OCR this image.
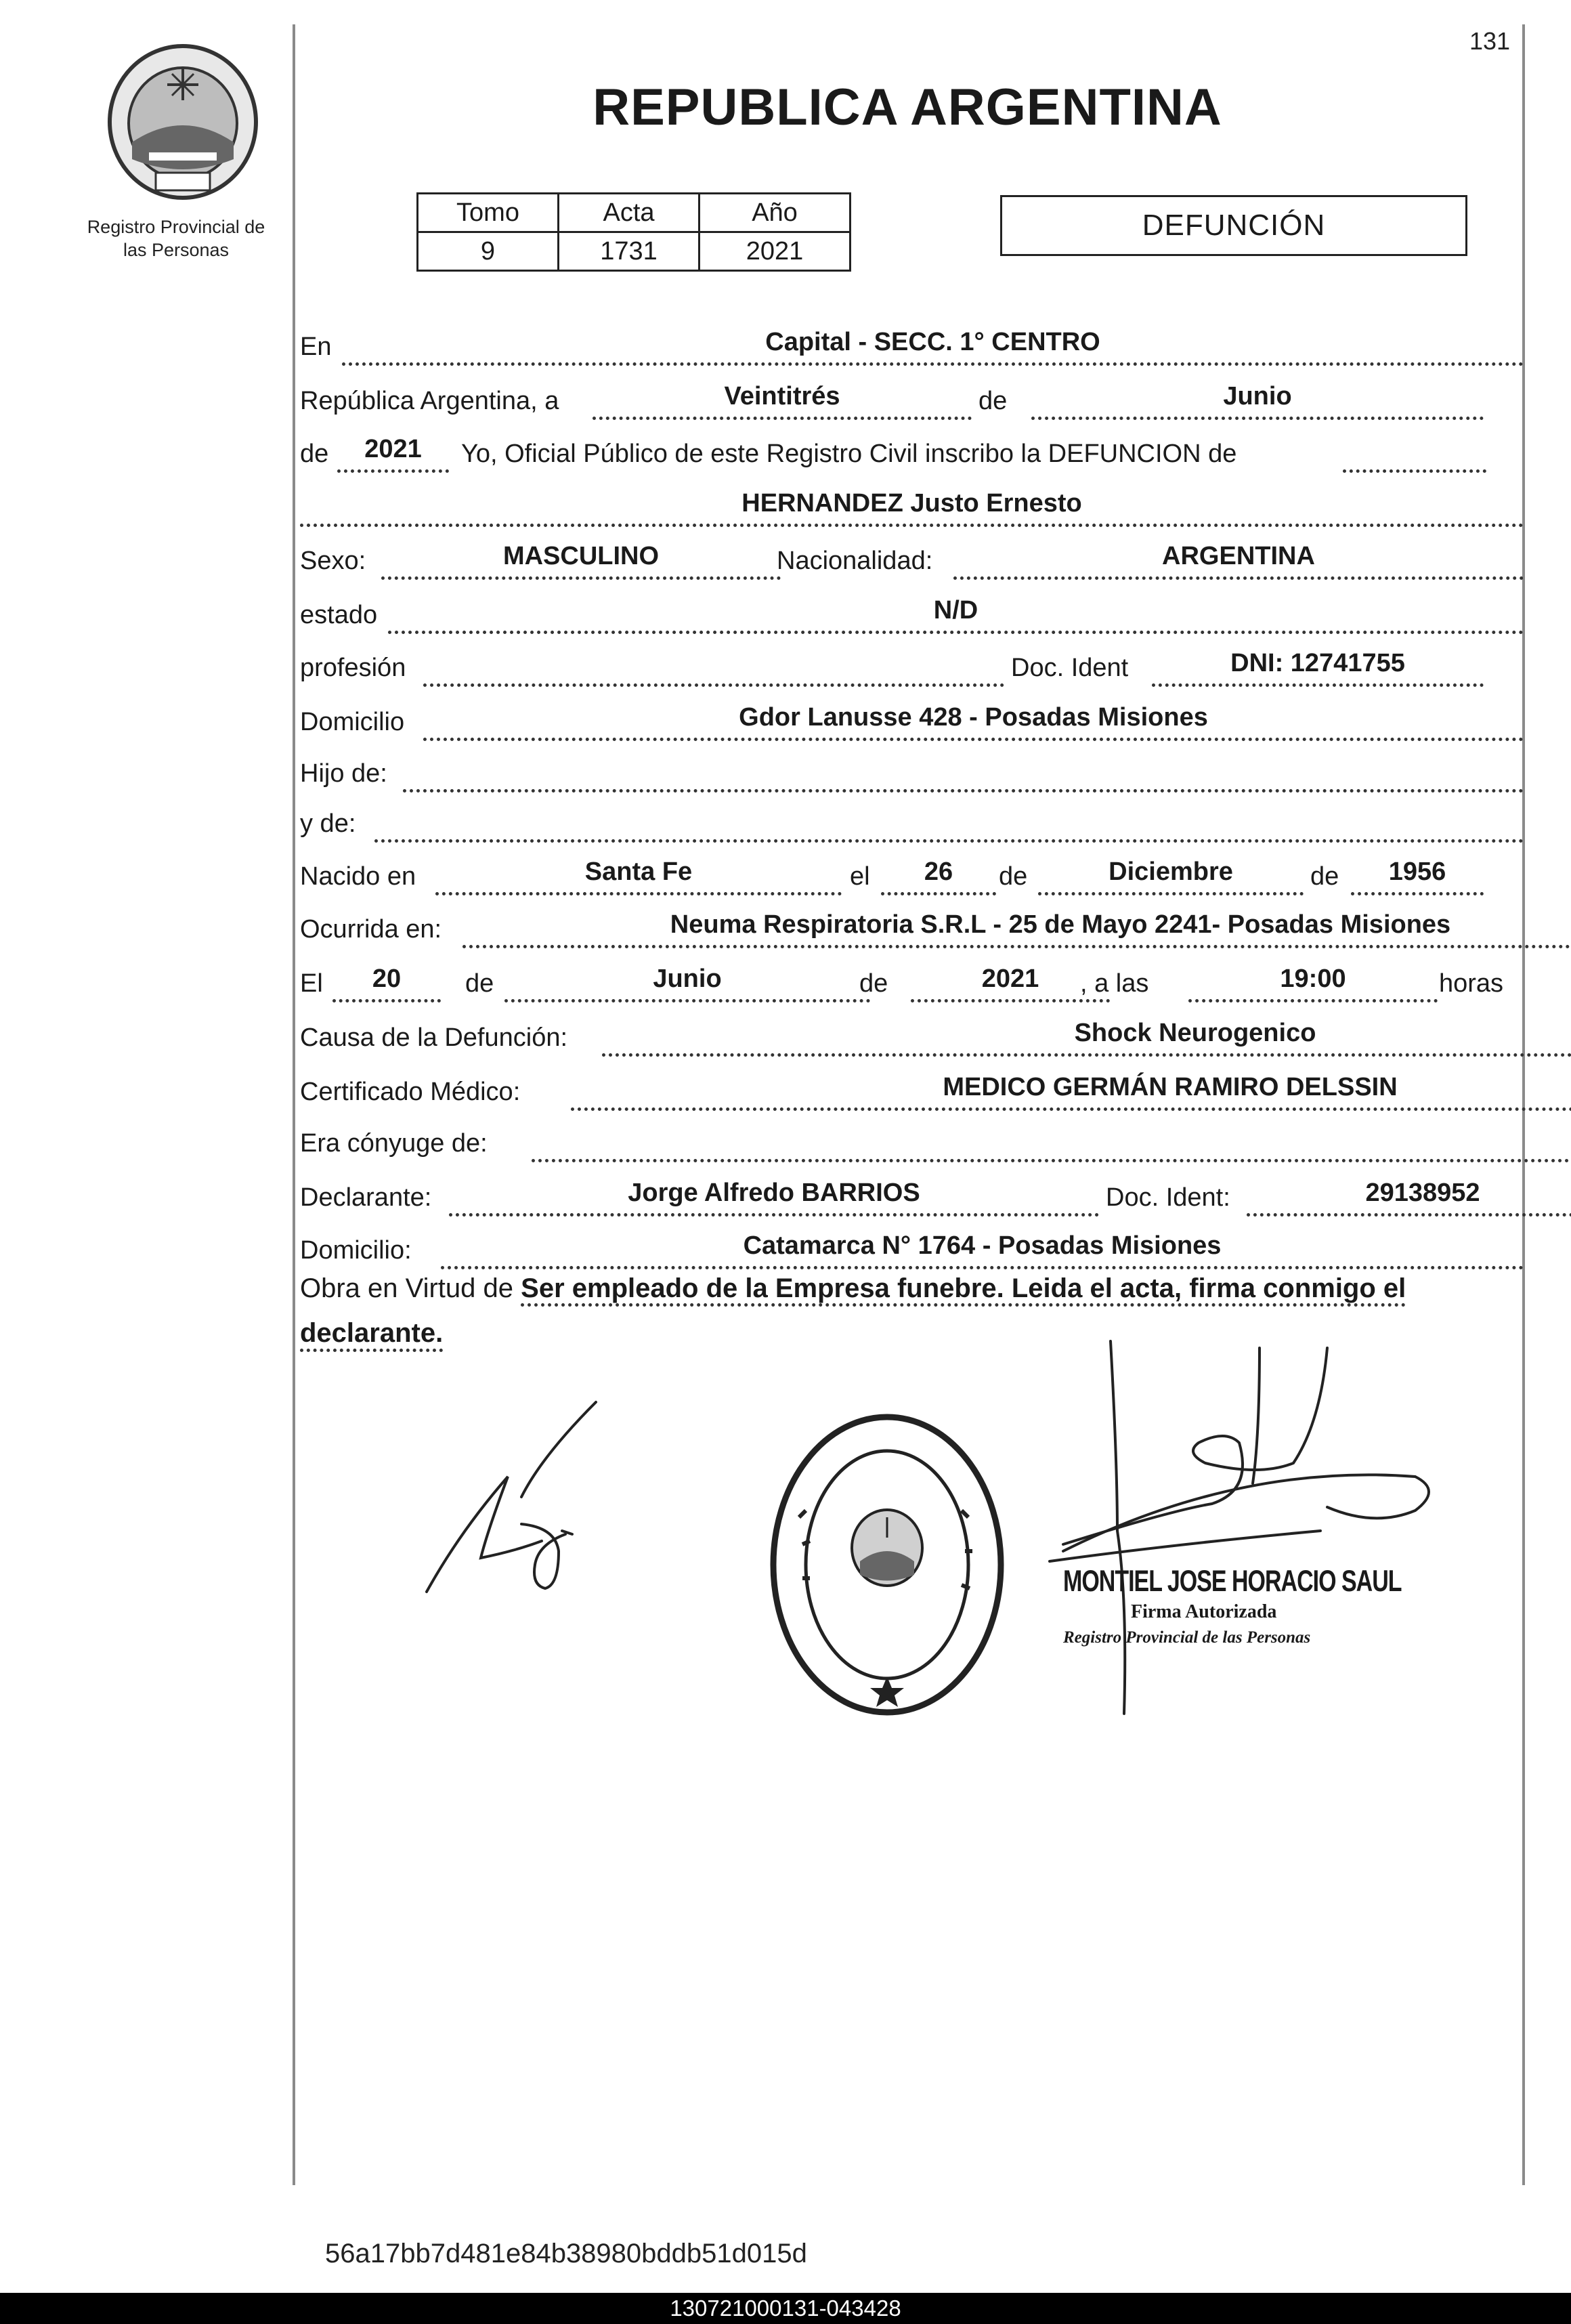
Registro Provincial de
las Personas
131
REPUBLICA ARGENTINA
Tomo	Acta	Año
9	1731	2021
DEFUNCIÓN
En	Capital - SECC. 1° CENTRO
República Argentina, a	Veintitrés	de	Junio
de	2021	Yo, Oficial Público de este Registro Civil inscribo la DEFUNCION de
HERNANDEZ Justo Ernesto
Sexo:	MASCULINO	Nacionalidad:	ARGENTINA
estado	N/D
profesión	Doc. Ident	DNI: 12741755
Domicilio	Gdor Lanusse 428 - Posadas Misiones
Hijo de:
y de:
Nacido en	Santa Fe	el	26	de	Diciembre	de	1956
Ocurrida en:	Neuma Respiratoria S.R.L - 25 de Mayo 2241- Posadas Misiones
El	20	de	Junio	de	2021	, a las	19:00	horas
Causa de la Defunción:	Shock Neurogenico
Certificado Médico:	MEDICO GERMÁN RAMIRO DELSSIN
Era cónyuge de:
Declarante:	Jorge Alfredo BARRIOS	Doc. Ident:	29138952
Domicilio:	Catamarca N° 1764 - Posadas Misiones
Obra en Virtud de Ser empleado de la Empresa funebre. Leida el acta, firma conmigo el
declarante.
MONTIEL JOSE HORACIO SAUL
Firma Autorizada
Registro Provincial de las Personas
56a17bb7d481e84b38980bddb51d015d
130721000131-043428
